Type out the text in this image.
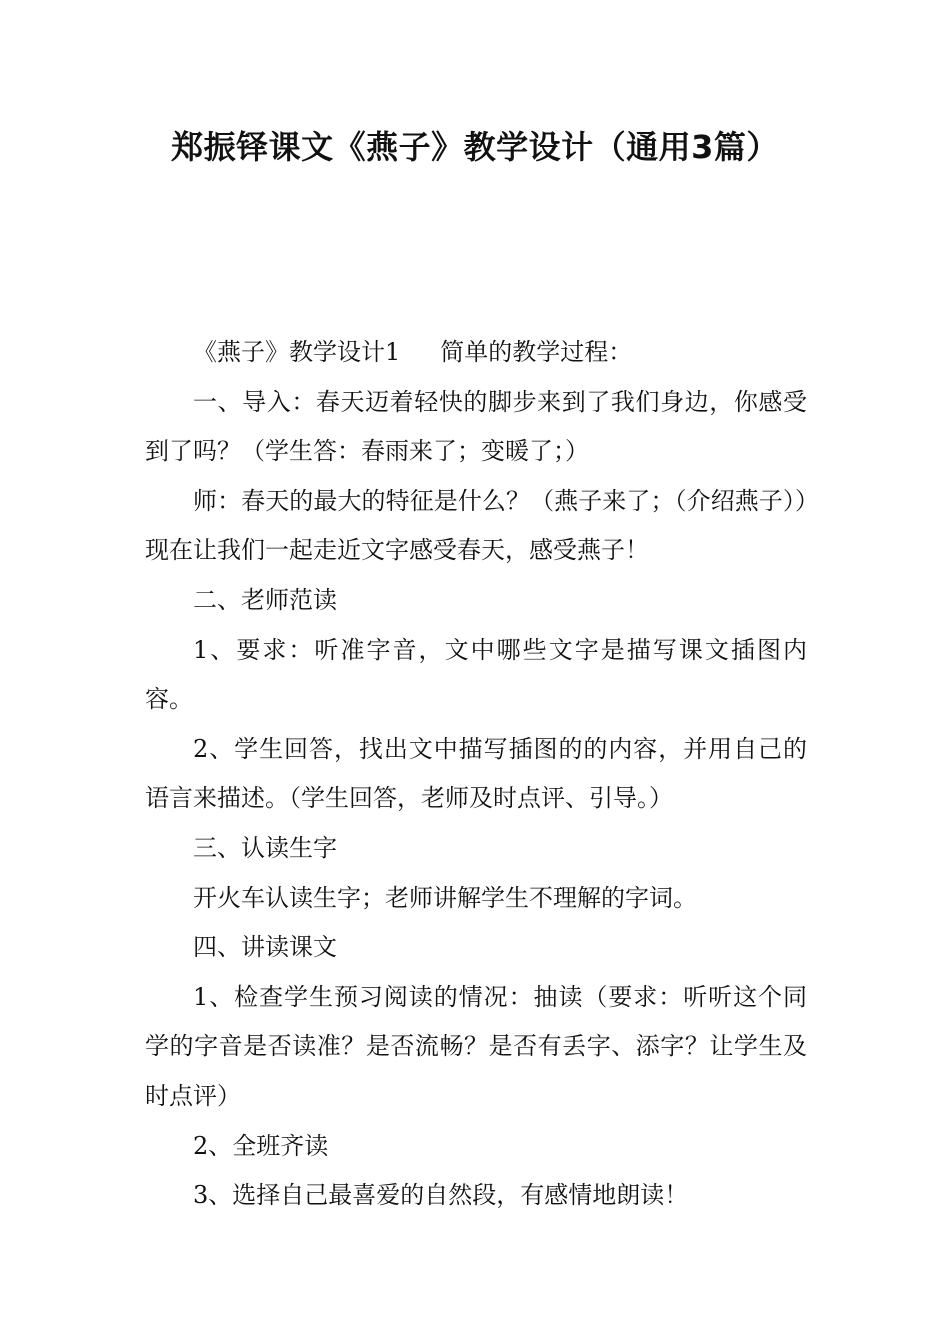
郑振铎课文《燕子》教学设计（通用3篇）

《燕子》教学设计1 简单的教学过程：

一、导入：春天迈着轻快的脚步来到了我们身边，你感受到了吗？（学生答：春雨来了；变暖了；）

师：春天的最大的特征是什么？（燕子来了；（介绍燕子））现在让我们一起走近文字感受春天，感受燕子！

二、老师范读

1、要求：听准字音，文中哪些文字是描写课文插图内容。

2、学生回答，找出文中描写插图的的内容，并用自己的语言来描述。（学生回答，老师及时点评、引导。）

三、认读生字

开火车认读生字；老师讲解学生不理解的字词。

四、讲读课文

1、检查学生预习阅读的情况：抽读（要求：听听这个同学的字音是否读准？是否流畅？是否有丢字、添字？让学生及时点评）

2、全班齐读

3、选择自己最喜爱的自然段，有感情地朗读！
